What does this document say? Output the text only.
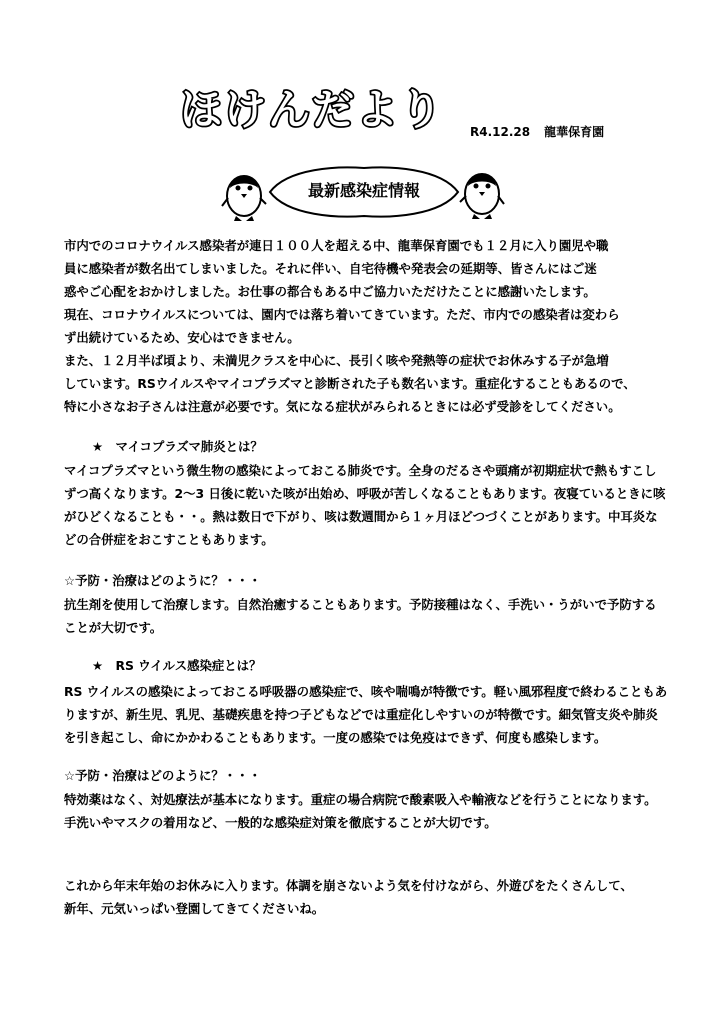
ほけんだより R4.12.28 龍華保育園
最新感染症情報
市内でのコロナウイルス感染者が連日１００人を超える中、龍華保育園でも１２月に入り園児や職
員に感染者が数名出てしまいました。それに伴い、自宅待機や発表会の延期等、皆さんにはご迷
惑やご心配をおかけしました。お仕事の都合もある中ご協力いただけたことに感謝いたします。
現在、コロナウイルスについては、園内では落ち着いてきています。ただ、市内での感染者は変わら
ず出続けているため、安心はできません。
また、１２月半ば頃より、未満児クラスを中心に、長引く咳や発熱等の症状でお休みする子が急増
しています。RSウイルスやマイコプラズマと診断された子も数名います。重症化することもあるので、
特に小さなお子さんは注意が必要です。気になる症状がみられるときには必ず受診をしてください。
★　マイコプラズマ肺炎とは？
マイコプラズマという微生物の感染によっておこる肺炎です。全身のだるさや頭痛が初期症状で熱もすこし
ずつ高くなります。2～3 日後に乾いた咳が出始め、呼吸が苦しくなることもあります。夜寝ているときに咳
がひどくなることも・・。熱は数日で下がり、咳は数週間から１ヶ月ほどつづくことがあります。中耳炎な
どの合併症をおこすこともあります。
☆予防・治療はどのように？・・・
抗生剤を使用して治療します。自然治癒することもあります。予防接種はなく、手洗い・うがいで予防する
ことが大切です。
★　RS ウイルス感染症とは？
RS ウイルスの感染によっておこる呼吸器の感染症で、咳や喘鳴が特徴です。軽い風邪程度で終わることもあ
りますが、新生児、乳児、基礎疾患を持つ子どもなどでは重症化しやすいのが特徴です。細気管支炎や肺炎
を引き起こし、命にかかわることもあります。一度の感染では免疫はできず、何度も感染します。
☆予防・治療はどのように？・・・
特効薬はなく、対処療法が基本になります。重症の場合病院で酸素吸入や輸液などを行うことになります。
手洗いやマスクの着用など、一般的な感染症対策を徹底することが大切です。
これから年末年始のお休みに入ります。体調を崩さないよう気を付けながら、外遊びをたくさんして、
新年、元気いっぱい登園してきてくださいね。
